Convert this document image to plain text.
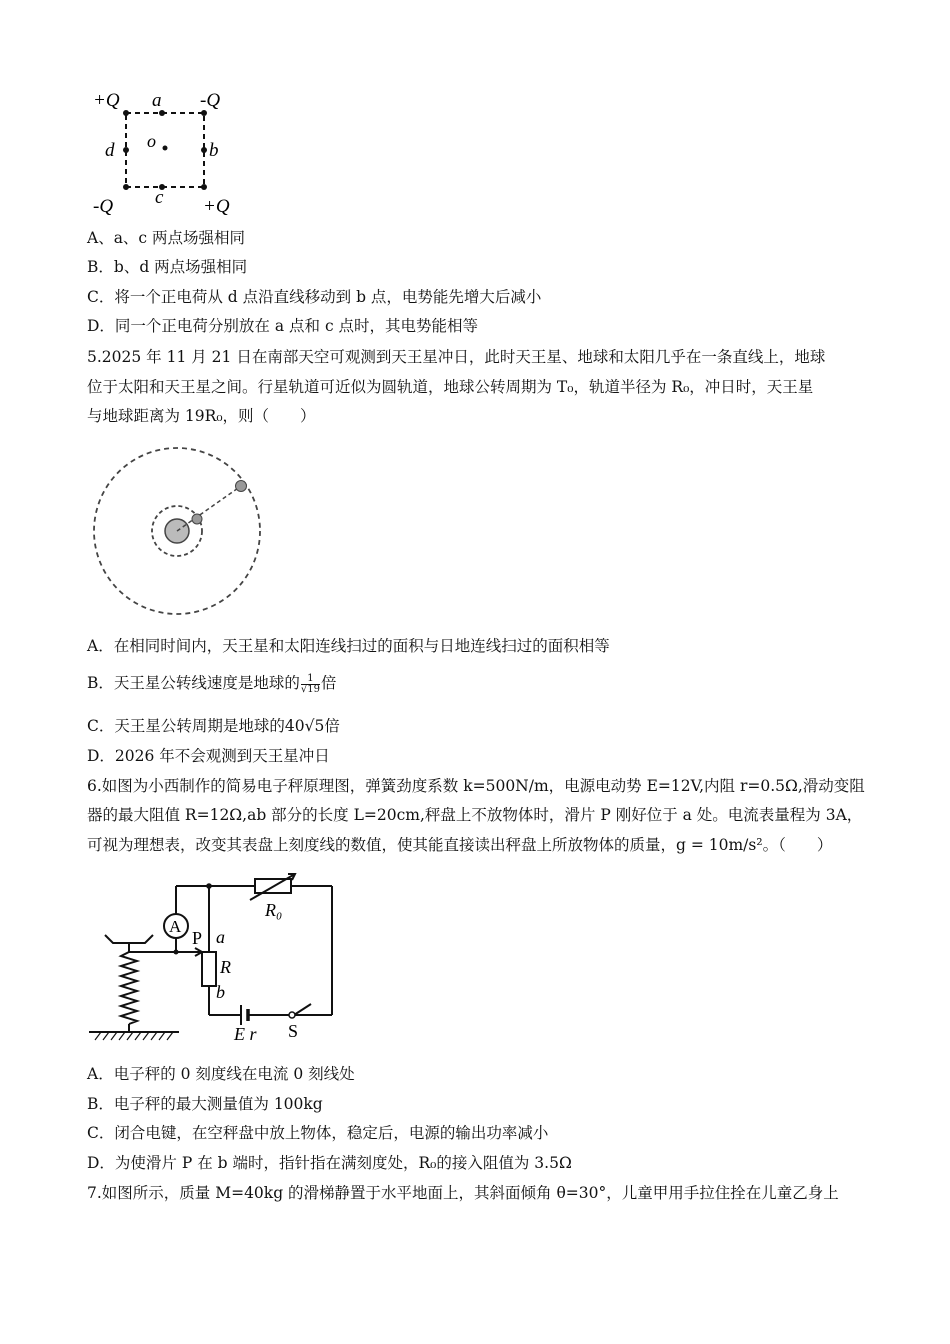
+Q a -Q
d o	b
-Q c +Q
A、a、c 两点场强相同
B．b、d 两点场强相同
C．将一个正电荷从 d 点沿直线移动到 b 点，电势能先增大后减小
D．同一个正电荷分别放在 a 点和 c 点时，其电势能相等
5.2025 年 11 月 21 日在南部天空可观测到天王星冲日，此时天王星、地球和太阳几乎在一条直线上，地球
位于太阳和天王星之间。行星轨道可近似为圆轨道，地球公转周期为 T₀，轨道半径为 R₀，冲日时，天王星
与地球距离为 19R₀，则（　　）
A．在相同时间内，天王星和太阳连线扫过的面积与日地连线扫过的面积相等
B．天王星公转线速度是地球的 $\frac{1}{√19}$ 倍
C．天王星公转周期是地球的40√5倍
D．2026 年不会观测到天王星冲日
6.如图为小西制作的简易电子秤原理图，弹簧劲度系数 k=500N/m，电源电动势 E=12V,内阻 r=0.5Ω,滑动变阻
器的最大阻值 R=12Ω,ab 部分的长度 L=20cm,秤盘上不放物体时，滑片 P 刚好位于 a 处。电流表量程为 3A，
可视为理想表，改变其表盘上刻度线的数值，使其能直接读出秤盘上所放物体的质量，g = 10m/s²。（　　）
A
P a
R
b
R₀
E r S
A．电子秤的 0 刻度线在电流 0 刻线处
B．电子秤的最大测量值为 100kg
C．闭合电键，在空秤盘中放上物体，稳定后，电源的输出功率减小
D．为使滑片 P 在 b 端时，指针指在满刻度处，R₀的接入阻值为 3.5Ω
7.如图所示，质量 M=40kg 的滑梯静置于水平地面上，其斜面倾角 θ=30°，儿童甲用手拉住拴在儿童乙身上
